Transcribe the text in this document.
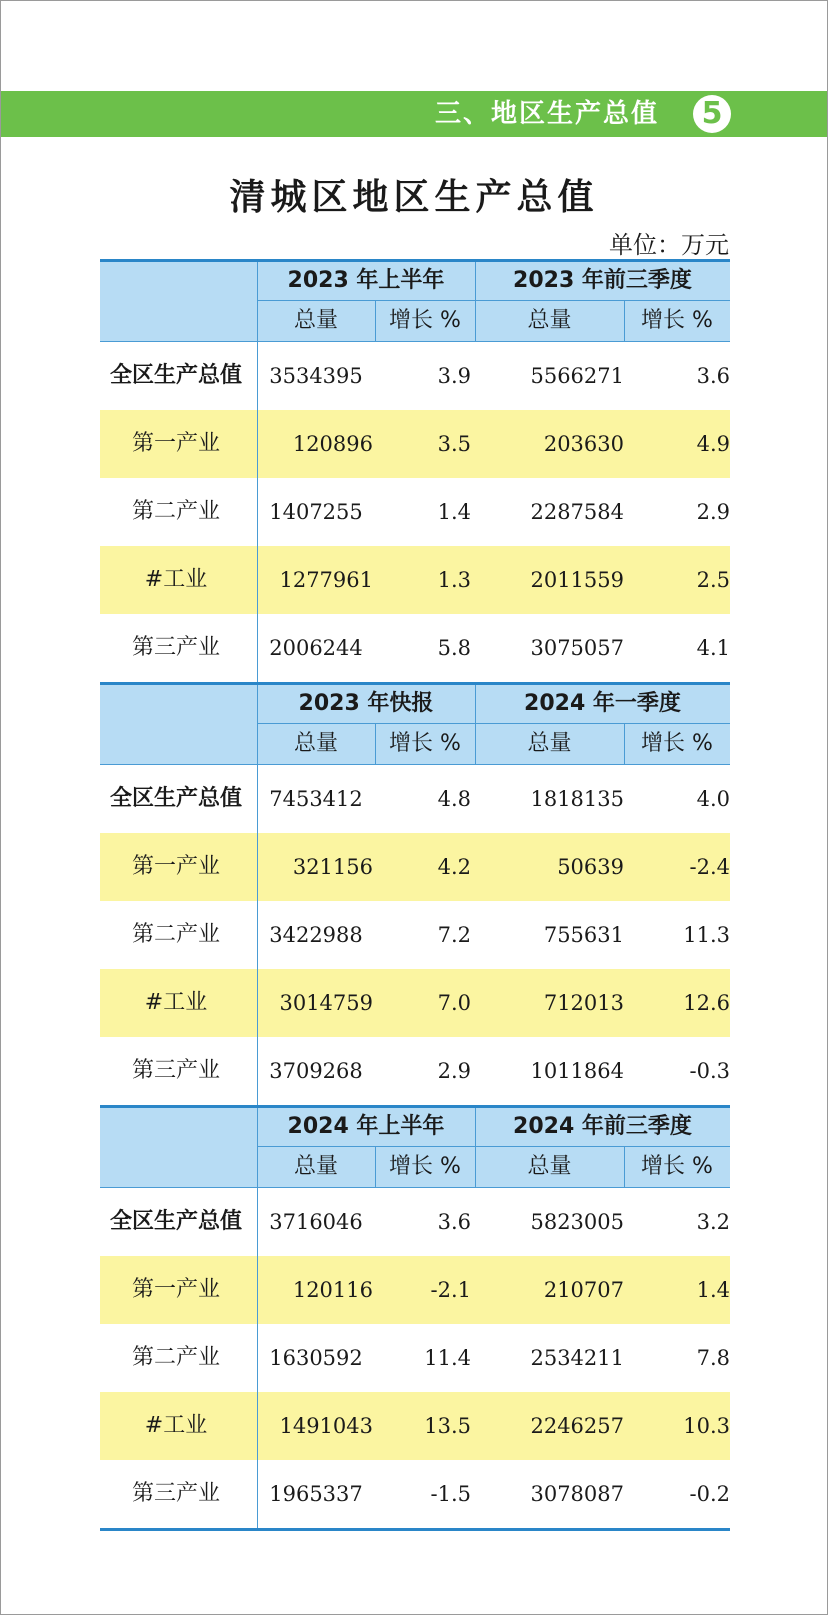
三、地区生产总值 5
清城区地区生产总值
单位：万元
2023 年上半年	2023 年前三季度
总量	增长 %	总量	增长 %
全区生产总值	3534395	3.9	5566271	3.6
第一产业	120896	3.5	203630	4.9
第二产业	1407255	1.4	2287584	2.9
#工业	1277961	1.3	2011559	2.5
第三产业	2006244	5.8	3075057	4.1
2023 年快报	2024 年一季度
总量	增长 %	总量	增长 %
全区生产总值	7453412	4.8	1818135	4.0
第一产业	321156	4.2	50639	-2.4
第二产业	3422988	7.2	755631	11.3
#工业	3014759	7.0	712013	12.6
第三产业	3709268	2.9	1011864	-0.3
2024 年上半年	2024 年前三季度
总量	增长 %	总量	增长 %
全区生产总值	3716046	3.6	5823005	3.2
第一产业	120116	-2.1	210707	1.4
第二产业	1630592	11.4	2534211	7.8
#工业	1491043	13.5	2246257	10.3
第三产业	1965337	-1.5	3078087	-0.2
